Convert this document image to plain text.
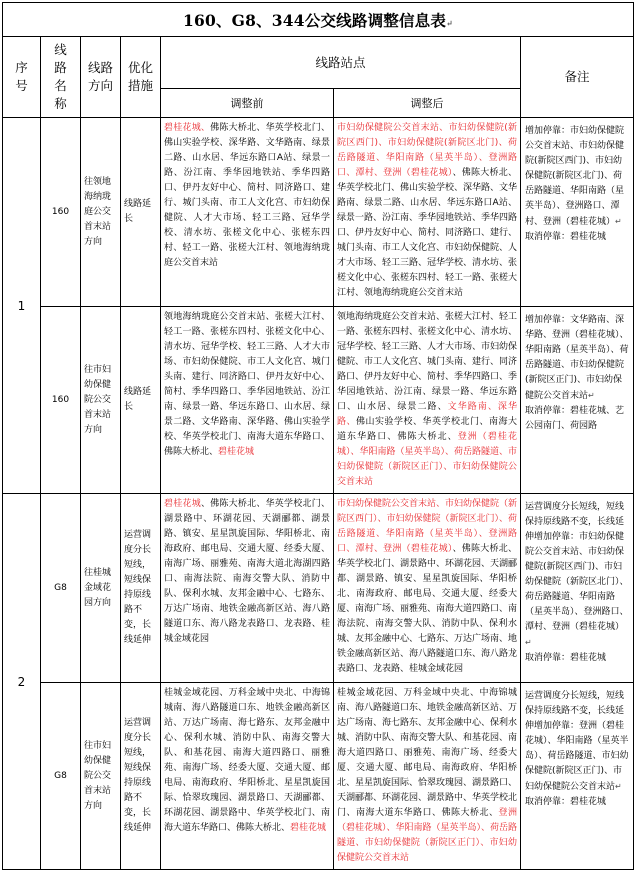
160、G8、344公交线路调整信息表↵						
序号	线路名称	线路方向	优化措施	线路站点		备注
				调整前	调整后	
1	160	往领地海纳珑庭公交首末站方向	线路延长	碧桂花城、佛陈大桥北、华英学校北门、佛山实验学校、深华路、文华路南、绿景二路、山水居、华远东路口A站、绿景一路、汾江南、季华园地铁站、季华四路口、伊丹友好中心、简村、同济路口、建行、城门头南、市工人文化宫、市妇幼保健院、人才大市场、轻工三路、冠华学校、清水坊、张槎文化中心、张槎东四村、轻工一路、张槎大江村、领地海纳珑庭公交首末站	市妇幼保健院公交首末站、市妇幼保健院(新院区西门)、市妇幼保健院(新院区北门)、荷岳路隧道、华阳南路（星英半岛）、登洲路口、潭村、登洲（碧桂花城）、佛陈大桥北、华英学校北门、佛山实验学校、深华路、文华路南、绿景二路、山水居、华远东路口A站、绿景一路、汾江南、季华园地铁站、季华四路口、伊丹友好中心、简村、同济路口、建行、城门头南、市工人文化宫、市妇幼保健院、人才大市场、轻工三路、冠华学校、清水坊、张槎文化中心、张槎东四村、轻工一路、张槎大江村、领地海纳珑庭公交首末站	增加停靠：市妇幼保健院公交首末站、市妇幼保健院(新院区西门)、市妇幼保健院(新院区北门)、荷岳路隧道、华阳南路（星英半岛）、登洲路口、潭村、登洲（碧桂花城）↵
取消停靠：碧桂花城
	160	往市妇幼保健院公交首末站方向	线路延长	领地海纳珑庭公交首末站、张槎大江村、轻工一路、张槎东四村、张槎文化中心、清水坊、冠华学校、轻工三路、人才大市场、市妇幼保健院、市工人文化宫、城门头南、建行、同济路口、伊丹友好中心、简村、季华四路口、季华园地铁站、汾江南、绿景一路、华远东路口、山水居、绿景二路、文华路南、深华路、佛山实验学校、华英学校北门、南海大道东华路口、佛陈大桥北、碧桂花城	领地海纳珑庭公交首末站、张槎大江村、轻工一路、张槎东四村、张槎文化中心、清水坊、冠华学校、轻工三路、人才大市场、市妇幼保健院、市工人文化宫、城门头南、建行、同济路口、伊丹友好中心、简村、季华四路口、季华园地铁站、汾江南、绿景一路、华远东路口、山水居、绿景二路、文华路南、深华路、佛山实验学校、华英学校北门、南海大道东华路口、佛陈大桥北、登洲（碧桂花城）、华阳南路（星英半岛）、荷岳路隧道、市妇幼保健院（新院区正门）、市妇幼保健院公交首末站	增加停靠：文华路南、深华路、登洲（碧桂花城）、华阳南路（星英半岛）、荷岳路隧道、市妇幼保健院(新院区正门)、市妇幼保健院公交首末站↵
取消停靠：碧桂花城、艺公园南门、荷园路
2	G8	往桂城金域花园方向	运营调度分长短线，短线保持原线路不变，长线延伸	碧桂花城、佛陈大桥北、华英学校北门、湖景路中、环湖花园、天湖郦都、湖景路、镇安、星星凯旋国际、华阳桥北、南海政府、邮电局、交通大厦、经委大厦、南海广场、丽雅苑、南海大道北海湖四路口、南海法院、南海交警大队、消防中队、保利水城、友邦金融中心、七路东、万达广场南、地铁金融高新区站、海八路隧道口东、海八路龙表路口、龙表路、桂城金域花园	市妇幼保健院公交首末站、市妇幼保健院（新院区西门）、市妇幼保健院（新院区北门）、荷岳路隧道、华阳南路（星英半岛）、登洲路口、潭村、登洲（碧桂花城）、佛陈大桥北、华英学校北门、湖景路中、环湖花园、天湖郦都、湖景路、镇安、星星凯旋国际、华阳桥北、南海政府、邮电局、交通大厦、经委大厦、南海广场、丽雅苑、南海大道四路口、南海法院、南海交警大队、消防中队、保利水城、友邦金融中心、七路东、万达广场南、地铁金融高新区站、海八路隧道口东、海八路龙表路口、龙表路、桂城金域花园	运营调度分长短线，短线保持原线路不变，长线延伸增加停靠：市妇幼保健院公交首末站、市妇幼保健院(新院区西门)、市妇幼保健院（新院区北门）、荷岳路隧道、华阳南路（星英半岛）、登洲路口、潭村、登洲（碧桂花城）↵
取消停靠：碧桂花城
	G8	往市妇幼保健院公交首末站方向	运营调度分长短线，短线保持原线路不变，长线延伸	桂城金域花园、万科金域中央北、中海锦城南、海八路隧道口东、地铁金融高新区站、万达广场南、海七路东、友邦金融中心、保利水城、消防中队、南海交警大队、和基花园、南海大道四路口、丽雅苑、南海广场、经委大厦、交通大厦、邮电局、南海政府、华阳桥北、星星凯旋国际、恰翠玫瑰园、湖景路口、天湖郦都、环湖花园、湖景路中、华英学校北门、南海大道东华路口、佛陈大桥北、碧桂花城	桂城金域花园、万科金域中央北、中海锦城南、海八路隧道口东、地铁金融高新区站、万达广场南、海七路东、友邦金融中心、保利水城、消防中队、南海交警大队、和基花园、南海大道四路口、丽雅苑、南海广场、经委大厦、交通大厦、邮电局、南海政府、华阳桥北、星星凯旋国际、恰翠玫瑰园、湖景路口、天湖郦都、环湖花园、湖景路中、华英学校北门、南海大道东华路口、佛陈大桥北、登洲（碧桂花城）、华阳南路（星英半岛）、荷岳路隧道、市妇幼保健院（新院区正门）、市妇幼保健院公交首末站	运营调度分长短线，短线保持原线路不变，长线延伸增加停靠：登洲（碧桂花城）、华阳南路（星英半岛）、荷岳路隧道、市妇幼保健院(新院区正门)、市妇幼保健院公交首末站↵
取消停靠：碧桂花城
